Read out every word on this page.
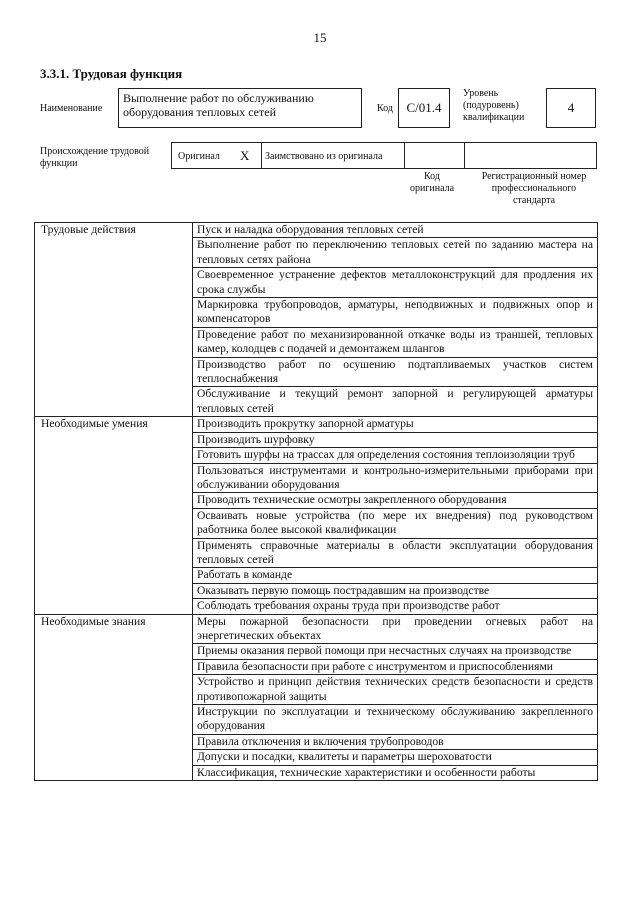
15
3.3.1. Трудовая функция
Наименование
Выполнение работ по обслуживанию оборудования тепловых сетей	Код	С/01.4
Уровень (подуровень) квалификации
4
Происхождение трудовой функции
Оригинал X Заимствовано из оригинала
Код оригинала
Регистрационный номер профессионального стандарта
Трудовые действия	Пуск и наладка оборудования тепловых сетей
	Выполнение работ по переключению тепловых сетей по заданию мастера на тепловых сетях района
	Своевременное устранение дефектов металлоконструкций для продления их срока службы
	Маркировка трубопроводов, арматуры, неподвижных и подвижных опор и компенсаторов
	Проведение работ по механизированной откачке воды из траншей, тепловых камер, колодцев с подачей и демонтажем шлангов
	Производство работ по осушению подтапливаемых участков систем теплоснабжения
	Обслуживание и текущий ремонт запорной и регулирующей арматуры тепловых сетей
Необходимые умения	Производить прокрутку запорной арматуры
	Производить шурфовку
	Готовить шурфы на трассах для определения состояния теплоизоляции труб
	Пользоваться инструментами и контрольно-измерительными приборами при обслуживании оборудования
	Проводить технические осмотры закрепленного оборудования
	Осваивать новые устройства (по мере их внедрения) под руководством работника более высокой квалификации
	Применять справочные материалы в области эксплуатации оборудования тепловых сетей
	Работать в команде
	Оказывать первую помощь пострадавшим на производстве
	Соблюдать требования охраны труда при производстве работ
Необходимые знания	Меры пожарной безопасности при проведении огневых работ на энергетических объектах
	Приемы оказания первой помощи при несчастных случаях на производстве
	Правила безопасности при работе с инструментом и приспособлениями
	Устройство и принцип действия технических средств безопасности и средств противопожарной защиты
	Инструкции по эксплуатации и техническому обслуживанию закрепленного оборудования
	Правила отключения и включения трубопроводов
	Допуски и посадки, квалитеты и параметры шероховатости
	Классификация, технические характеристики и особенности работы
